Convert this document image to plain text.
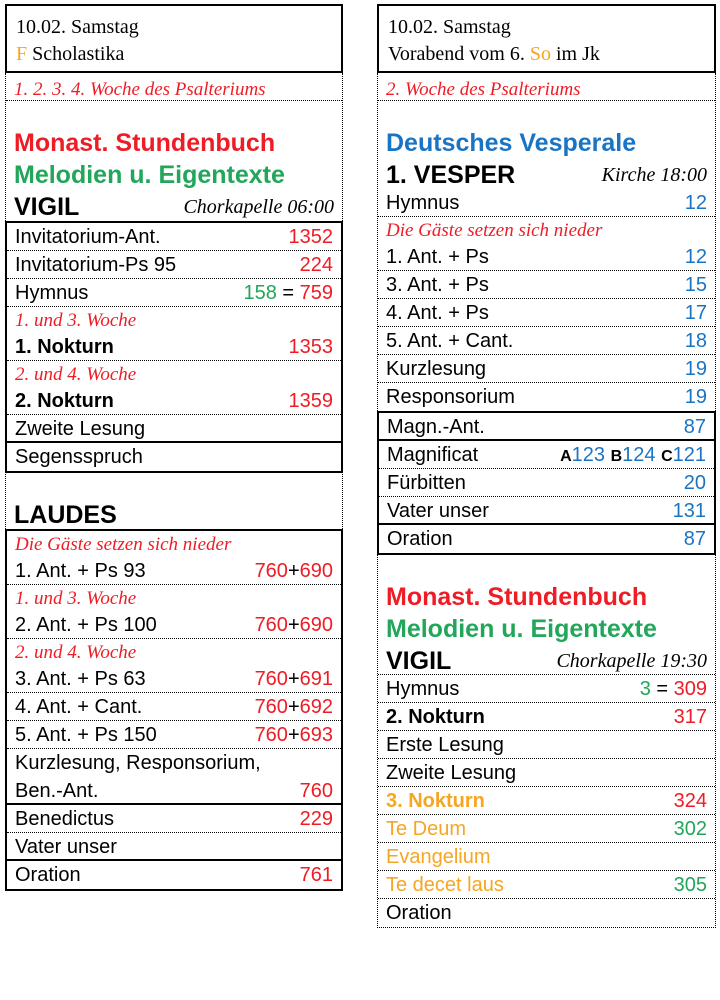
10.02. Samstag
F Scholastika
1. 2. 3. 4. Woche des Psalteriums
Monast. Stundenbuch
Melodien u. Eigentexte
VIGIL	Chorkapelle 06:00
Invitatorium-Ant.	1352
Invitatorium-Ps 95	224
Hymnus	158 = 759
1. und 3. Woche
1. Nokturn	1353
2. und 4. Woche
2. Nokturn	1359
Zweite Lesung
Segensspruch
LAUDES
Die Gäste setzen sich nieder
1. Ant. + Ps 93	760+690
1. und 3. Woche
2. Ant. + Ps 100	760+690
2. und 4. Woche
3. Ant. + Ps 63	760+691
4. Ant. + Cant.	760+692
5. Ant. + Ps 150	760+693
Kurzlesung, Responsorium,
Ben.-Ant.	760
Benedictus	229
Vater unser
Oration	761
10.02. Samstag
Vorabend vom 6. So im Jk
2. Woche des Psalteriums
Deutsches Vesperale
1. VESPER	Kirche 18:00
Hymnus	12
Die Gäste setzen sich nieder
1. Ant. + Ps	12
3. Ant. + Ps	15
4. Ant. + Ps	17
5. Ant. + Cant.	18
Kurzlesung	19
Responsorium	19
Magn.-Ant.	87
Magnificat	A123 B124 C121
Fürbitten	20
Vater unser	131
Oration	87
Monast. Stundenbuch
Melodien u. Eigentexte
VIGIL	Chorkapelle 19:30
Hymnus	3 = 309
2. Nokturn	317
Erste Lesung
Zweite Lesung
3. Nokturn	324
Te Deum	302
Evangelium
Te decet laus	305
Oration
